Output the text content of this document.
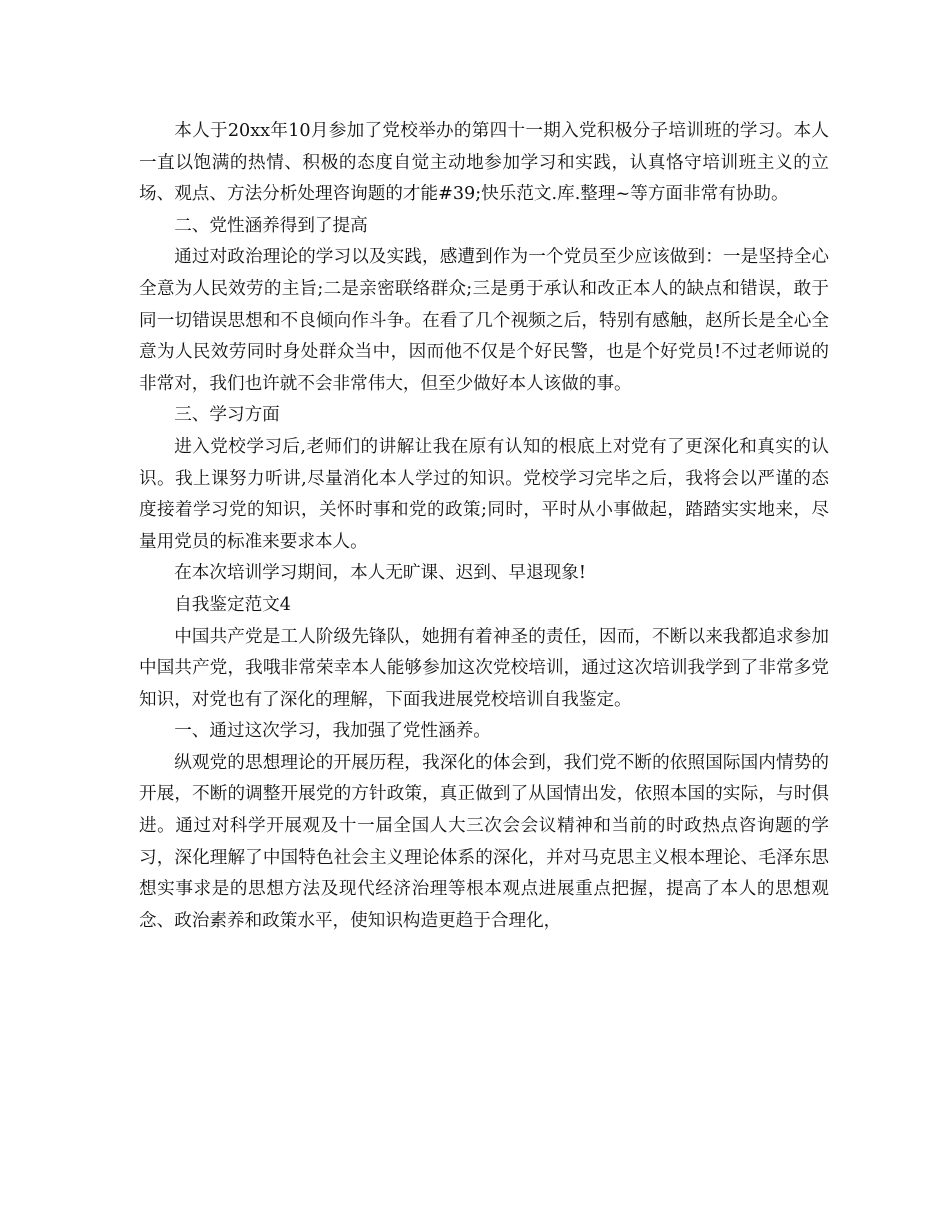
本人于20xx年10月参加了党校举办的第四十一期入党积极分子培训班的学习。本人一直以饱满的热情、积极的态度自觉主动地参加学习和实践，认真恪守培训班主义的立场、观点、方法分析处理咨询题的才能#39;快乐范文.库.整理~等方面非常有协助。

二、党性涵养得到了提高

通过对政治理论的学习以及实践，感遭到作为一个党员至少应该做到：一是坚持全心全意为人民效劳的主旨;二是亲密联络群众;三是勇于承认和改正本人的缺点和错误，敢于同一切错误思想和不良倾向作斗争。在看了几个视频之后，特别有感触，赵所长是全心全意为人民效劳同时身处群众当中，因而他不仅是个好民警，也是个好党员!不过老师说的非常对，我们也许就不会非常伟大，但至少做好本人该做的事。

三、学习方面

进入党校学习后,老师们的讲解让我在原有认知的根底上对党有了更深化和真实的认识。我上课努力听讲,尽量消化本人学过的知识。党校学习完毕之后，我将会以严谨的态度接着学习党的知识，关怀时事和党的政策;同时，平时从小事做起，踏踏实实地来，尽量用党员的标准来要求本人。

在本次培训学习期间，本人无旷课、迟到、早退现象!

自我鉴定范文4

中国共产党是工人阶级先锋队，她拥有着神圣的责任，因而，不断以来我都追求参加中国共产党，我哦非常荣幸本人能够参加这次党校培训，通过这次培训我学到了非常多党知识，对党也有了深化的理解，下面我进展党校培训自我鉴定。

一、通过这次学习，我加强了党性涵养。

纵观党的思想理论的开展历程，我深化的体会到，我们党不断的依照国际国内情势的开展，不断的调整开展党的方针政策，真正做到了从国情出发，依照本国的实际，与时俱进。通过对科学开展观及十一届全国人大三次会会议精神和当前的时政热点咨询题的学习，深化理解了中国特色社会主义理论体系的深化，并对马克思主义根本理论、毛泽东思想实事求是的思想方法及现代经济治理等根本观点进展重点把握，提高了本人的思想观念、政治素养和政策水平，使知识构造更趋于合理化，
